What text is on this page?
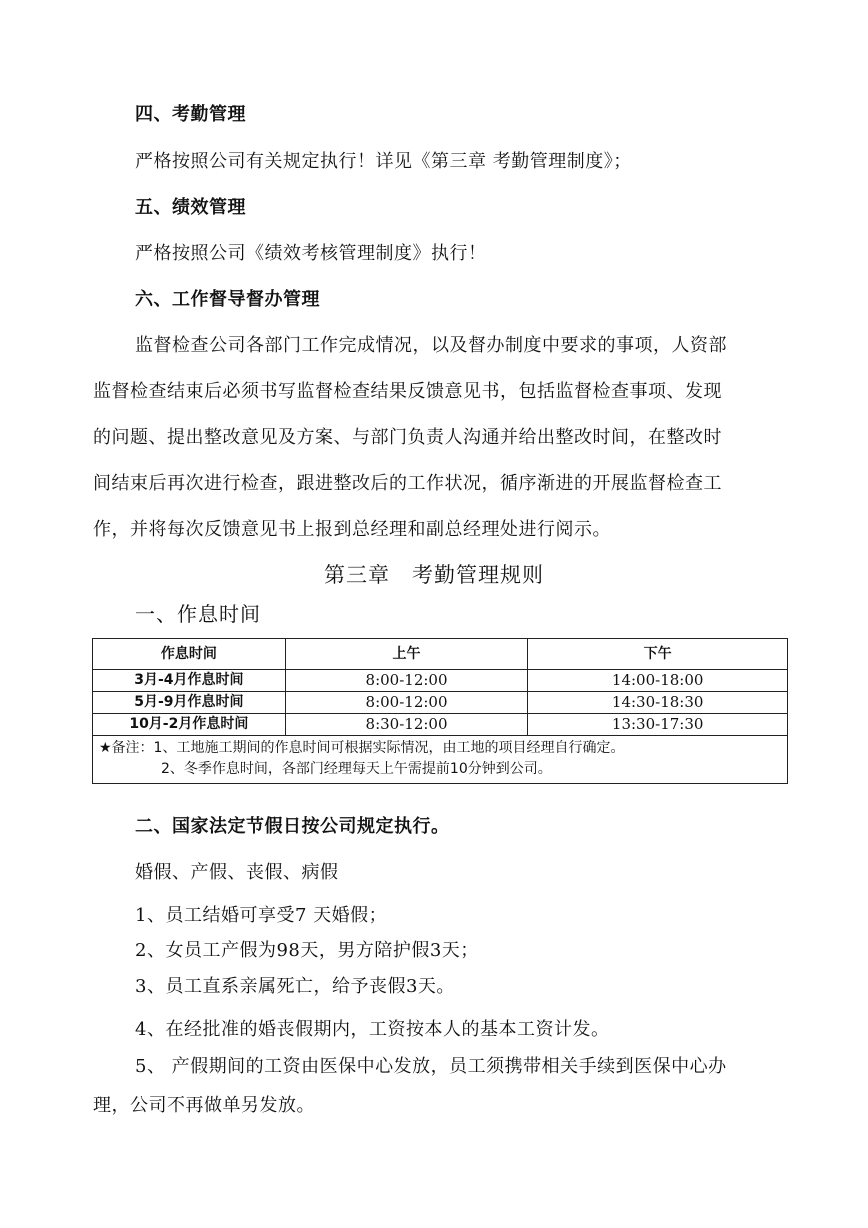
四、考勤管理
严格按照公司有关规定执行！详见《第三章 考勤管理制度》；
五、绩效管理
严格按照公司《绩效考核管理制度》执行！
六、工作督导督办管理
监督检查公司各部门工作完成情况，以及督办制度中要求的事项，人资部
监督检查结束后必须书写监督检查结果反馈意见书，包括监督检查事项、发现
的问题、提出整改意见及方案、与部门负责人沟通并给出整改时间，在整改时
间结束后再次进行检查，跟进整改后的工作状况，循序渐进的开展监督检查工
作，并将每次反馈意见书上报到总经理和副总经理处进行阅示。
第三章 考勤管理规则
一、作息时间
作息时间	上午	下午
3月-4月作息时间	8:00-12:00	14:00-18:00
5月-9月作息时间	8:00-12:00	14:30-18:30
10月-2月作息时间	8:30-12:00	13:30-17:30
★备注：1、工地施工期间的作息时间可根据实际情况，由工地的项目经理自行确定。
2、冬季作息时间，各部门经理每天上午需提前10分钟到公司。		
二、国家法定节假日按公司规定执行。
婚假、产假、丧假、病假
1、员工结婚可享受7 天婚假；
2、女员工产假为98天，男方陪护假3天；
3、员工直系亲属死亡，给予丧假3天。
4、在经批准的婚丧假期内，工资按本人的基本工资计发。
5、 产假期间的工资由医保中心发放，员工须携带相关手续到医保中心办
理，公司不再做单另发放。
